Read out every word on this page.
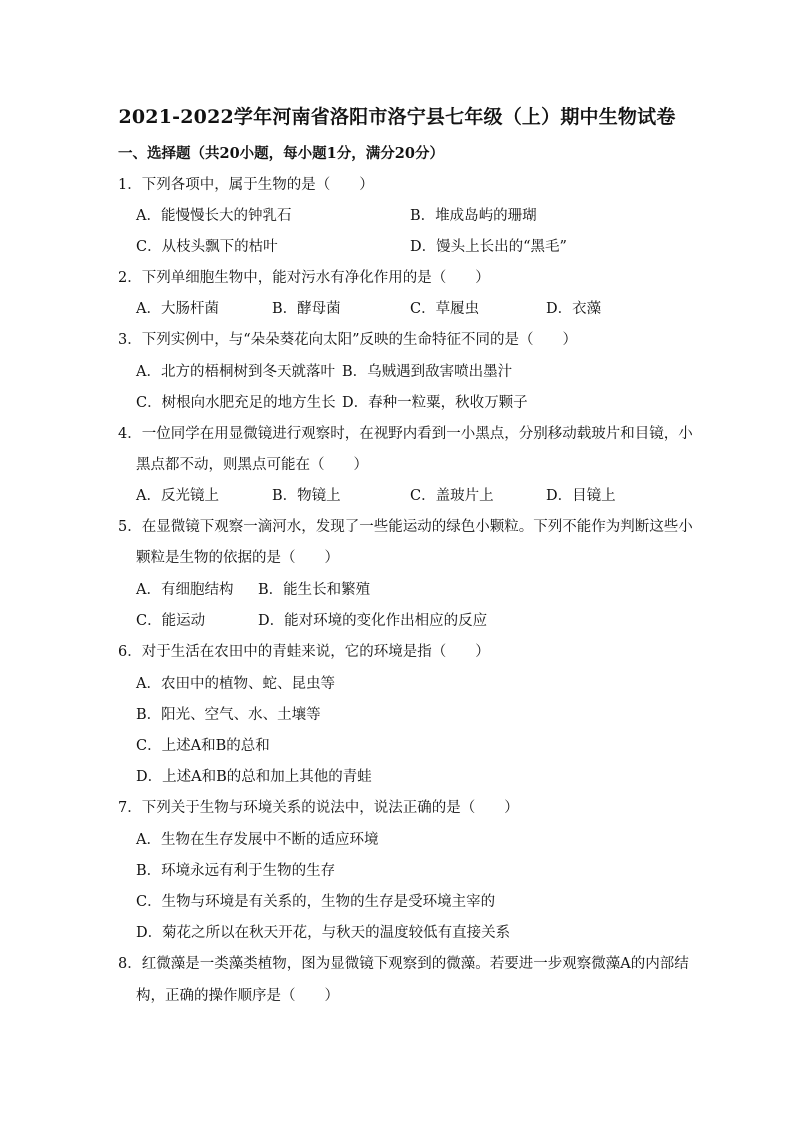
2021-2022学年河南省洛阳市洛宁县七年级（上）期中生物试卷
一、选择题（共20小题，每小题1分，满分20分）
1．下列各项中，属于生物的是（　　）
A．能慢慢长大的钟乳石	B．堆成岛屿的珊瑚
C．从枝头飘下的枯叶	D．馒头上长出的“黑毛”
2．下列单细胞生物中，能对污水有净化作用的是（　　）
A．大肠杆菌	B．酵母菌	C．草履虫	D．衣藻
3．下列实例中，与“朵朵葵花向太阳”反映的生命特征不同的是（　　）
A．北方的梧桐树到冬天就落叶 B．乌贼遇到敌害喷出墨汁
C．树根向水肥充足的地方生长 D．春种一粒粟，秋收万颗子
4．一位同学在用显微镜进行观察时，在视野内看到一小黑点，分别移动载玻片和目镜，小
黑点都不动，则黑点可能在（　　）
A．反光镜上	B．物镜上	C．盖玻片上	D．目镜上
5．在显微镜下观察一滴河水，发现了一些能运动的绿色小颗粒。下列不能作为判断这些小
颗粒是生物的依据的是（　　）
A．有细胞结构 B．能生长和繁殖
C．能运动	D．能对环境的变化作出相应的反应
6．对于生活在农田中的青蛙来说，它的环境是指（　　）
A．农田中的植物、蛇、昆虫等
B．阳光、空气、水、土壤等
C．上述A和B的总和
D．上述A和B的总和加上其他的青蛙
7．下列关于生物与环境关系的说法中，说法正确的是（　　）
A．生物在生存发展中不断的适应环境
B．环境永远有利于生物的生存
C．生物与环境是有关系的，生物的生存是受环境主宰的
D．菊花之所以在秋天开花，与秋天的温度较低有直接关系
8．红微藻是一类藻类植物，图为显微镜下观察到的微藻。若要进一步观察微藻A的内部结
构，正确的操作顺序是（　　）
